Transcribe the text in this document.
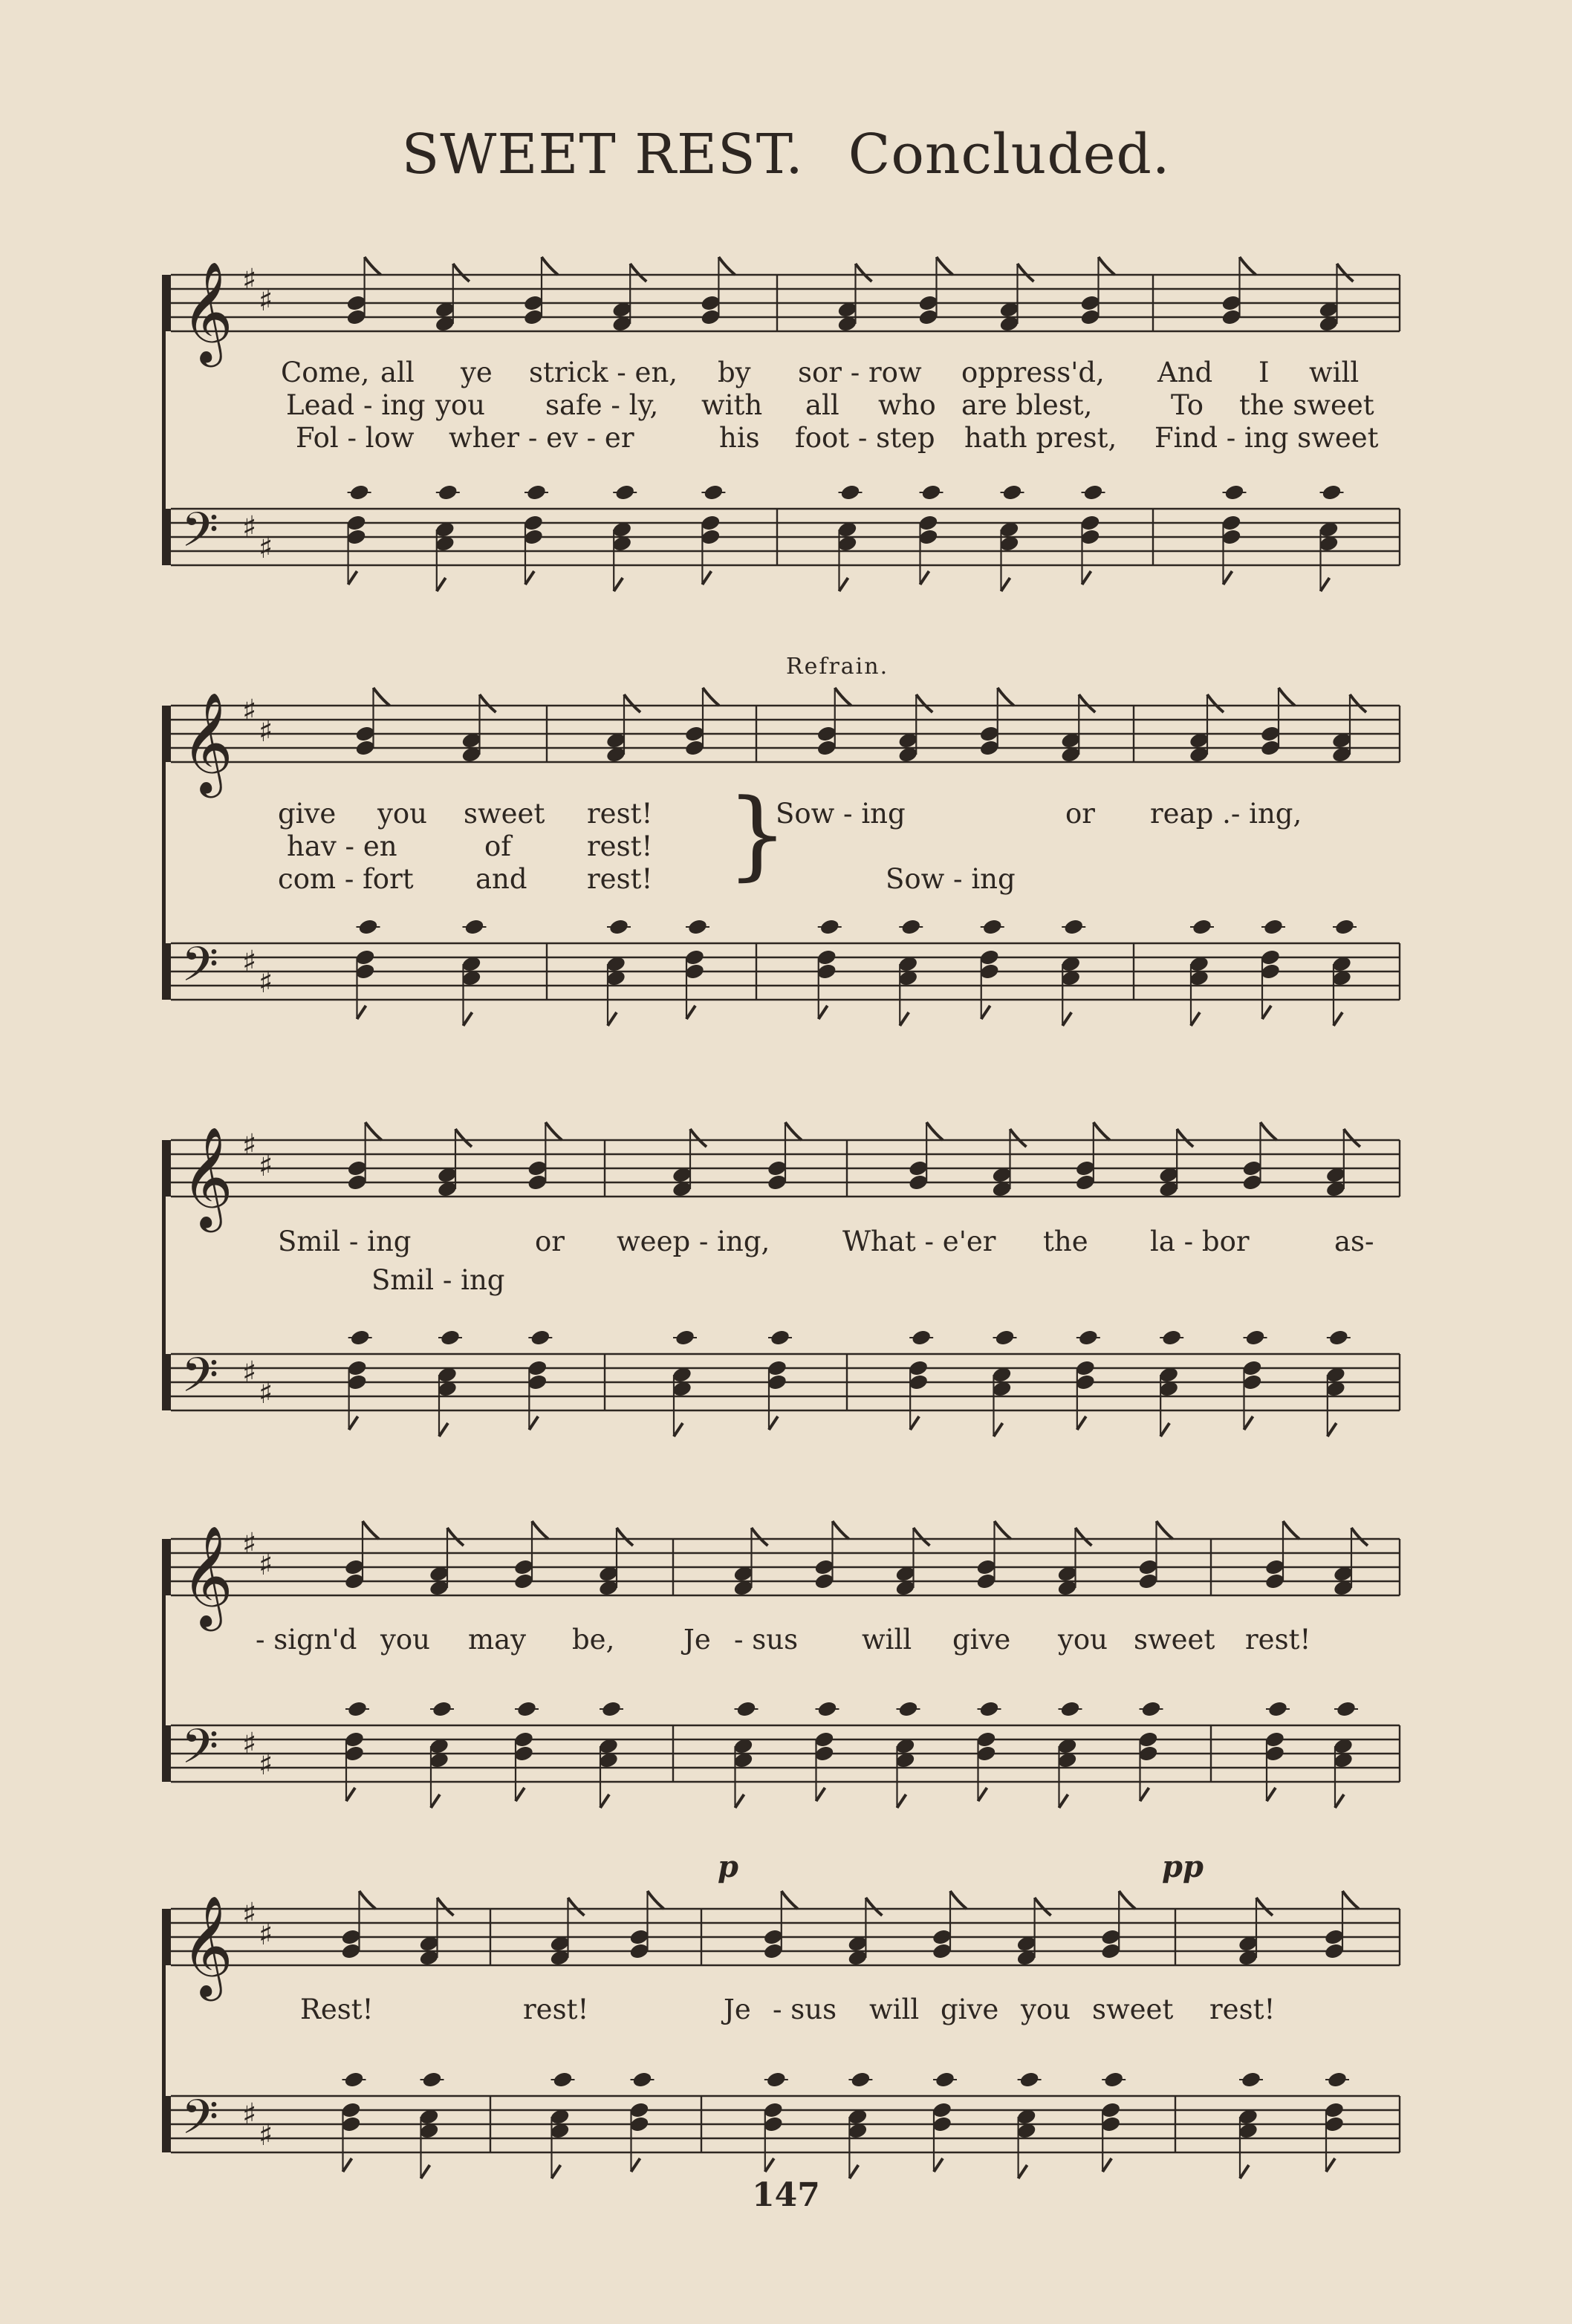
SWEET REST. Concluded.
𝄞 ♯
♯
𝄢 ♯
♯
Come, all ye strick - en, by sor - row oppress'd, And I will
Lead - ing you safe - ly, with all who are blest,	To the sweet
Fol - low wher - ev - er	his foot - step hath prest, Find - ing sweet
Refrain.
𝄞 ♯
♯
𝄢 ♯
♯
}
give you sweet rest!	Sow - ing	or reap .- ing,
hav - en	of	rest!
com - fort and rest!	Sow - ing
𝄞 ♯
♯
𝄢 ♯
♯
Smil - ing	or weep - ing,	What - e'er the la - bor	as-
Smil - ing
𝄞 ♯
♯
𝄢 ♯
♯
- sign'd you may be,	Je - sus will give you sweet rest!
p	pp
𝄞 ♯
♯
𝄢 ♯
♯
Rest!	rest!	Je - sus will give you sweet rest!
147
